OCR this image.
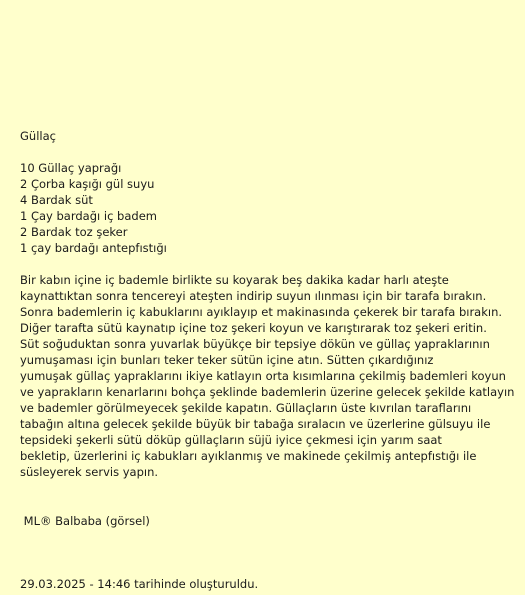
Güllaç
10 Güllaç yaprağı
2 Çorba kaşığı gül suyu
4 Bardak süt
1 Çay bardağı iç badem
2 Bardak toz şeker
1 çay bardağı antepfıstığı
Bir kabın içine iç bademle birlikte su koyarak beş dakika kadar harlı ateşte
kaynattıktan sonra tencereyi ateşten indirip suyun ılınması için bir tarafa bırakın.
Sonra bademlerin iç kabuklarını ayıklayıp et makinasında çekerek bir tarafa bırakın.
Diğer tarafta sütü kaynatıp içine toz şekeri koyun ve karıştırarak toz şekeri eritin.
Süt soğuduktan sonra yuvarlak büyükçe bir tepsiye dökün ve güllaç yapraklarının
yumuşaması için bunları teker teker sütün içine atın. Sütten çıkardığınız
yumuşak güllaç yapraklarını ikiye katlayın orta kısımlarına çekilmiş bademleri koyun
ve yaprakların kenarlarını bohça şeklinde bademlerin üzerine gelecek şekilde katlayın
ve bademler görülmeyecek şekilde kapatın. Güllaçların üste kıvrılan taraflarını
tabağın altına gelecek şekilde büyük bir tabağa sıralacın ve üzerlerine gülsuyu ile
tepsideki şekerli sütü döküp güllaçların süjü iyice çekmesi için yarım saat
bekletip, üzerlerini iç kabukları ayıklanmış ve makinede çekilmiş antepfıstığı ile
süsleyerek servis yapın.
ML® Balbaba (görsel)
29.03.2025 - 14:46 tarihinde oluşturuldu.
